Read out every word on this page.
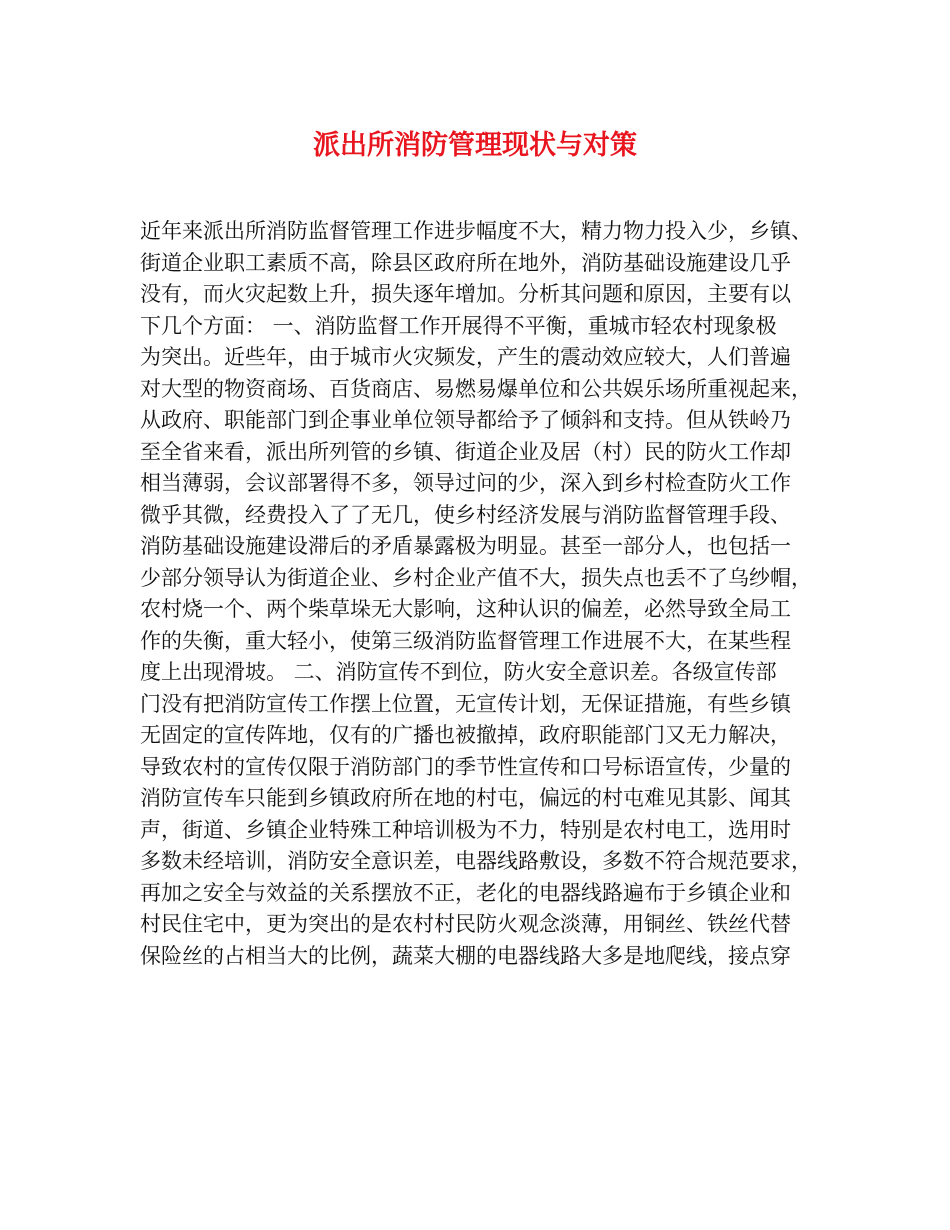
派出所消防管理现状与对策
近年来派出所消防监督管理工作进步幅度不大，精力物力投入少，乡镇、
街道企业职工素质不高，除县区政府所在地外，消防基础设施建设几乎
没有，而火灾起数上升，损失逐年增加。分析其问题和原因，主要有以
下几个方面： 一、消防监督工作开展得不平衡，重城市轻农村现象极
为突出。近些年，由于城市火灾频发，产生的震动效应较大，人们普遍
对大型的物资商场、百货商店、易燃易爆单位和公共娱乐场所重视起来，
从政府、职能部门到企事业单位领导都给予了倾斜和支持。但从铁岭乃
至全省来看，派出所列管的乡镇、街道企业及居（村）民的防火工作却
相当薄弱，会议部署得不多，领导过问的少，深入到乡村检查防火工作
微乎其微，经费投入了了无几，使乡村经济发展与消防监督管理手段、
消防基础设施建设滞后的矛盾暴露极为明显。甚至一部分人，也包括一
少部分领导认为街道企业、乡村企业产值不大，损失点也丢不了乌纱帽，
农村烧一个、两个柴草垛无大影响，这种认识的偏差，必然导致全局工
作的失衡，重大轻小，使第三级消防监督管理工作进展不大，在某些程
度上出现滑坡。 二、消防宣传不到位，防火安全意识差。各级宣传部
门没有把消防宣传工作摆上位置，无宣传计划，无保证措施，有些乡镇
无固定的宣传阵地，仅有的广播也被撤掉，政府职能部门又无力解决，
导致农村的宣传仅限于消防部门的季节性宣传和口号标语宣传，少量的
消防宣传车只能到乡镇政府所在地的村屯，偏远的村屯难见其影、闻其
声，街道、乡镇企业特殊工种培训极为不力，特别是农村电工，选用时
多数未经培训，消防安全意识差，电器线路敷设，多数不符合规范要求，
再加之安全与效益的关系摆放不正，老化的电器线路遍布于乡镇企业和
村民住宅中，更为突出的是农村村民防火观念淡薄，用铜丝、铁丝代替
保险丝的占相当大的比例，蔬菜大棚的电器线路大多是地爬线，接点穿
